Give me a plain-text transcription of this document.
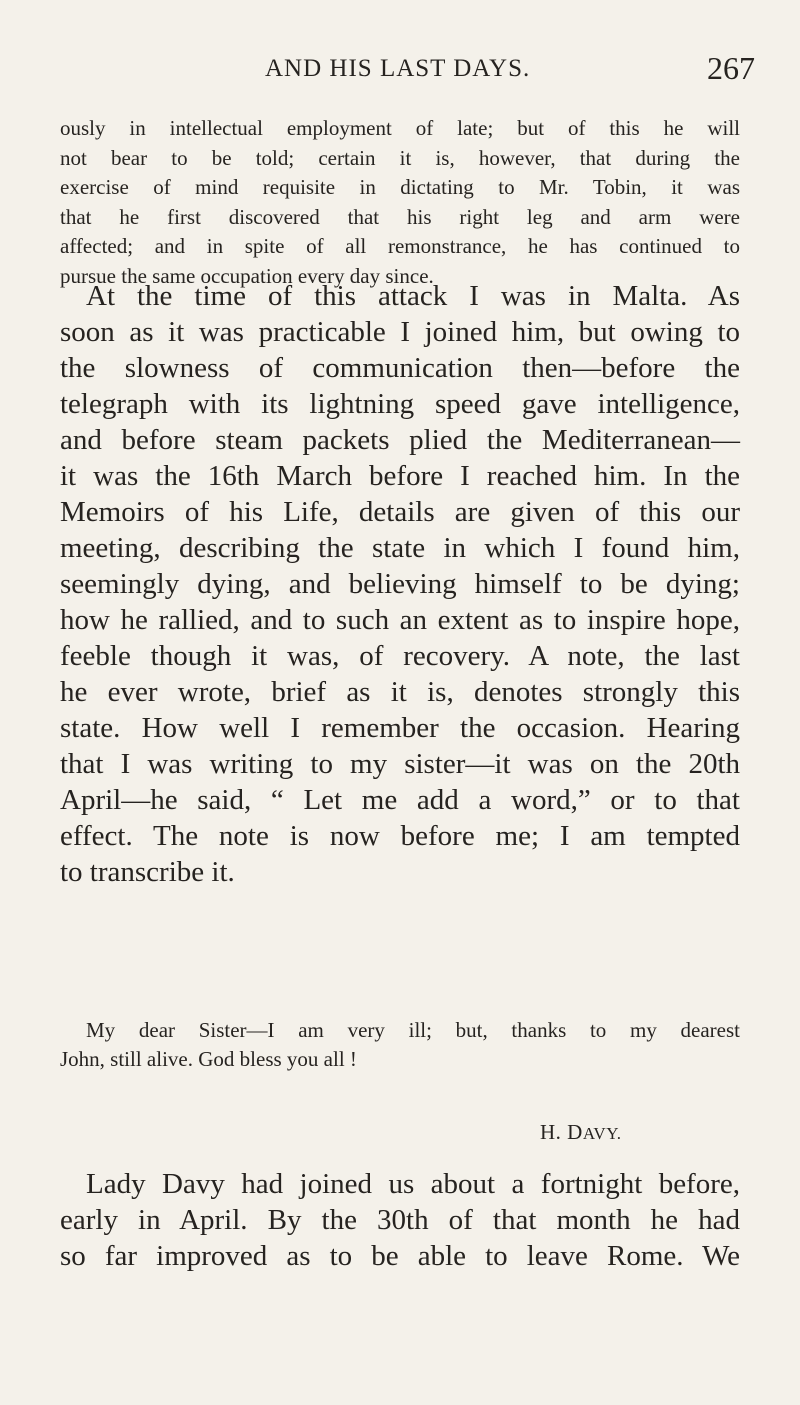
AND HIS LAST DAYS.	267
ously in intellectual employment of late; but of this he will
not bear to be told; certain it is, however, that during the
exercise of mind requisite in dictating to Mr. Tobin, it was
that he first discovered that his right leg and arm were
affected; and in spite of all remonstrance, he has continued to
pursue the same occupation every day since.
At the time of this attack I was in Malta. As
soon as it was practicable I joined him, but owing to
the slowness of communication then—before the
telegraph with its lightning speed gave intelligence,
and before steam packets plied the Mediterranean—
it was the 16th March before I reached him. In the
Memoirs of his Life, details are given of this our
meeting, describing the state in which I found him,
seemingly dying, and believing himself to be dying;
how he rallied, and to such an extent as to inspire hope,
feeble though it was, of recovery. A note, the last
he ever wrote, brief as it is, denotes strongly this
state. How well I remember the occasion. Hearing
that I was writing to my sister—it was on the 20th
April—he said, “ Let me add a word,” or to that
effect. The note is now before me; I am tempted
to transcribe it.
My dear Sister—I am very ill; but, thanks to my dearest
John, still alive. God bless you all !
H. DAVY.
Lady Davy had joined us about a fortnight before,
early in April. By the 30th of that month he had
so far improved as to be able to leave Rome. We
